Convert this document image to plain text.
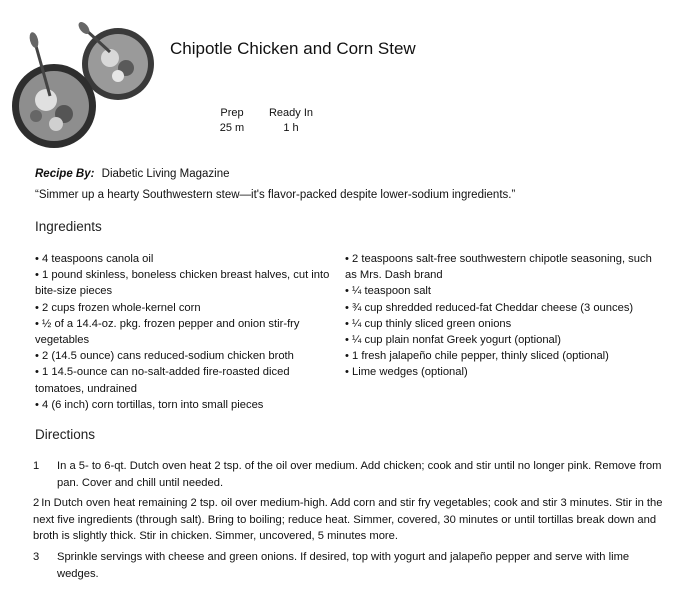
Chipotle Chicken and Corn Stew
Prep
25 m
Ready In
1 h
Recipe By: Diabetic Living Magazine
“Simmer up a hearty Southwestern stew—it's flavor-packed despite lower-sodium ingredients.”
Ingredients
• 4 teaspoons canola oil
• 1 pound skinless, boneless chicken breast halves, cut into bite-size pieces
• 2 cups frozen whole-kernel corn
• ½ of a 14.4-oz. pkg. frozen pepper and onion stir-fry vegetables
• 2 (14.5 ounce) cans reduced-sodium chicken broth
• 1 14.5-ounce can no-salt-added fire-roasted diced tomatoes, undrained
• 4 (6 inch) corn tortillas, torn into small pieces
• 2 teaspoons salt-free southwestern chipotle seasoning, such as Mrs. Dash brand
• ¼ teaspoon salt
• ¾ cup shredded reduced-fat Cheddar cheese (3 ounces)
• ¼ cup thinly sliced green onions
• ¼ cup plain nonfat Greek yogurt (optional)
• 1 fresh jalapeño chile pepper, thinly sliced (optional)
• Lime wedges (optional)
Directions
1 In a 5- to 6-qt. Dutch oven heat 2 tsp. of the oil over medium. Add chicken; cook and stir until no longer pink. Remove from pan. Cover and chill until needed.
2 In Dutch oven heat remaining 2 tsp. oil over medium-high. Add corn and stir fry vegetables; cook and stir 3 minutes. Stir in the next five ingredients (through salt). Bring to boiling; reduce heat. Simmer, covered, 30 minutes or until tortillas break down and broth is slightly thick. Stir in chicken. Simmer, uncovered, 5 minutes more.
3 Sprinkle servings with cheese and green onions. If desired, top with yogurt and jalapeño pepper and serve with lime wedges.
